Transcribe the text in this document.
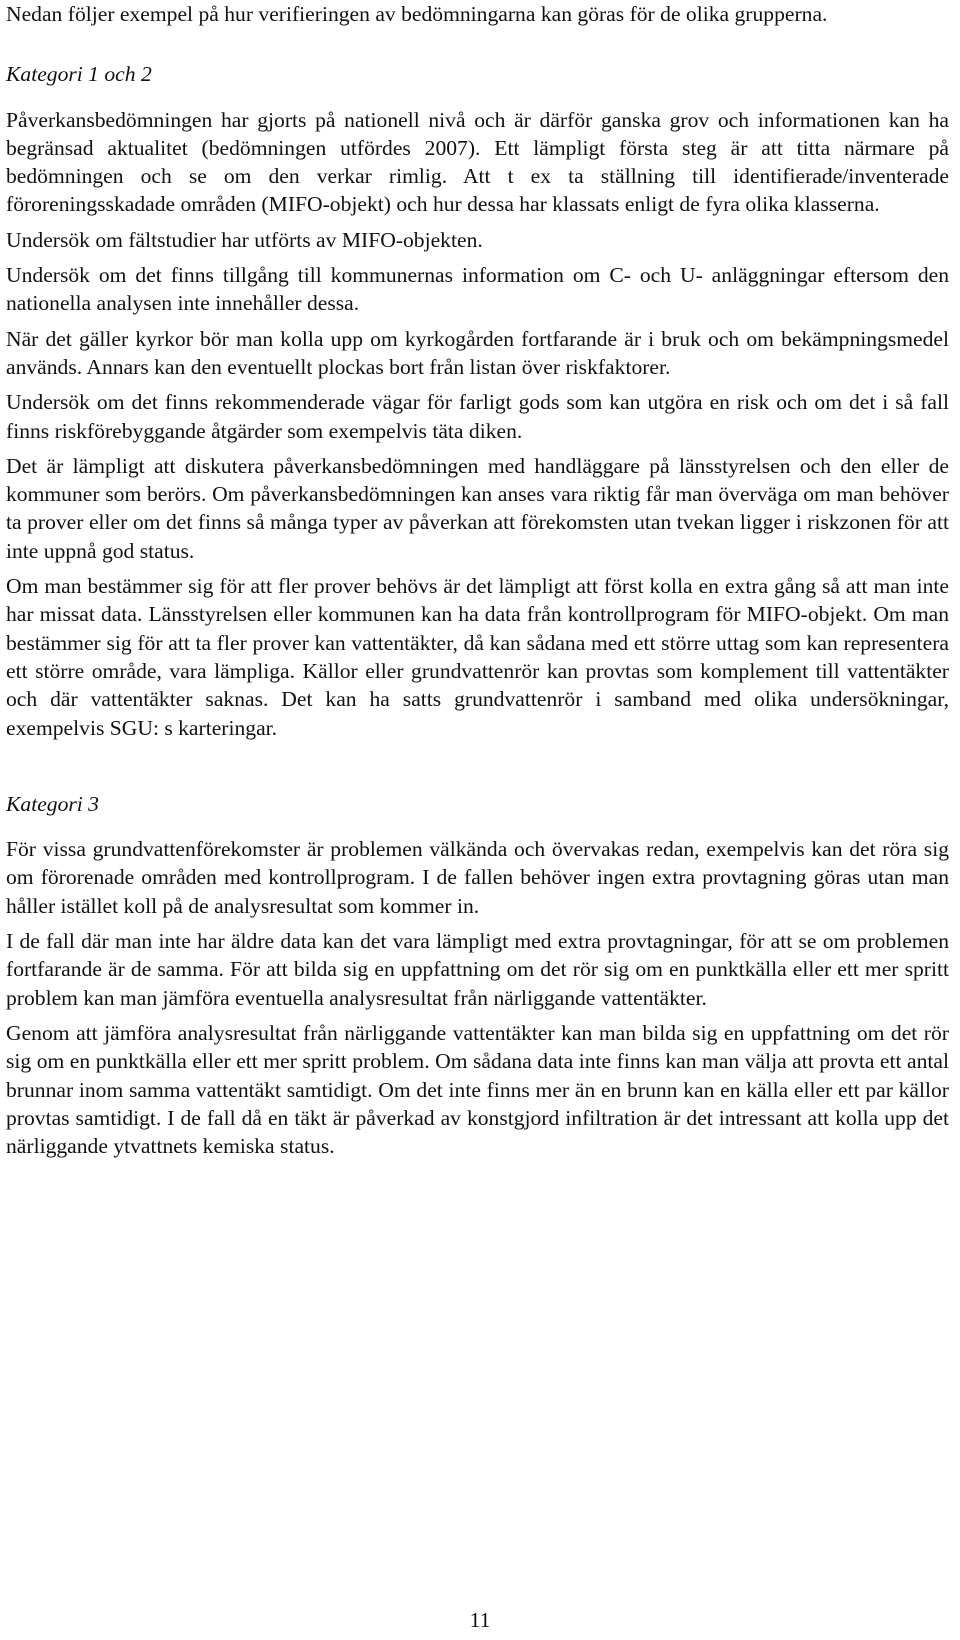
Nedan följer exempel på hur verifieringen av bedömningarna kan göras för de olika grupperna.

Kategori 1 och 2

Påverkansbedömningen har gjorts på nationell nivå och är därför ganska grov och informationen kan ha begränsad aktualitet (bedömningen utfördes 2007). Ett lämpligt första steg är att titta närmare på bedömningen och se om den verkar rimlig. Att t ex ta ställning till identifierade/inventerade föroreningsskadade områden (MIFO-objekt) och hur dessa har klassats enligt de fyra olika klasserna.

Undersök om fältstudier har utförts av MIFO-objekten.

Undersök om det finns tillgång till kommunernas information om C- och U- anläggningar eftersom den nationella analysen inte innehåller dessa.

När det gäller kyrkor bör man kolla upp om kyrkogården fortfarande är i bruk och om bekämpningsmedel används. Annars kan den eventuellt plockas bort från listan över riskfaktorer.

Undersök om det finns rekommenderade vägar för farligt gods som kan utgöra en risk och om det i så fall finns riskförebyggande åtgärder som exempelvis täta diken.

Det är lämpligt att diskutera påverkansbedömningen med handläggare på länsstyrelsen och den eller de kommuner som berörs. Om påverkansbedömningen kan anses vara riktig får man överväga om man behöver ta prover eller om det finns så många typer av påverkan att förekomsten utan tvekan ligger i riskzonen för att inte uppnå god status.

Om man bestämmer sig för att fler prover behövs är det lämpligt att först kolla en extra gång så att man inte har missat data. Länsstyrelsen eller kommunen kan ha data från kontrollprogram för MIFO-objekt. Om man bestämmer sig för att ta fler prover kan vattentäkter, då kan sådana med ett större uttag som kan representera ett större område, vara lämpliga. Källor eller grundvattenrör kan provtas som komplement till vattentäkter och där vattentäkter saknas. Det kan ha satts grundvattenrör i samband med olika undersökningar, exempelvis SGU: s karteringar.

Kategori 3

För vissa grundvattenförekomster är problemen välkända och övervakas redan, exempelvis kan det röra sig om förorenade områden med kontrollprogram. I de fallen behöver ingen extra provtagning göras utan man håller istället koll på de analysresultat som kommer in.

I de fall där man inte har äldre data kan det vara lämpligt med extra provtagningar, för att se om problemen fortfarande är de samma. För att bilda sig en uppfattning om det rör sig om en punktkälla eller ett mer spritt problem kan man jämföra eventuella analysresultat från närliggande vattentäkter.

Genom att jämföra analysresultat från närliggande vattentäkter kan man bilda sig en uppfattning om det rör sig om en punktkälla eller ett mer spritt problem. Om sådana data inte finns kan man välja att provta ett antal brunnar inom samma vattentäkt samtidigt. Om det inte finns mer än en brunn kan en källa eller ett par källor provtas samtidigt. I de fall då en täkt är påverkad av konstgjord infiltration är det intressant att kolla upp det närliggande ytvattnets kemiska status.

11
